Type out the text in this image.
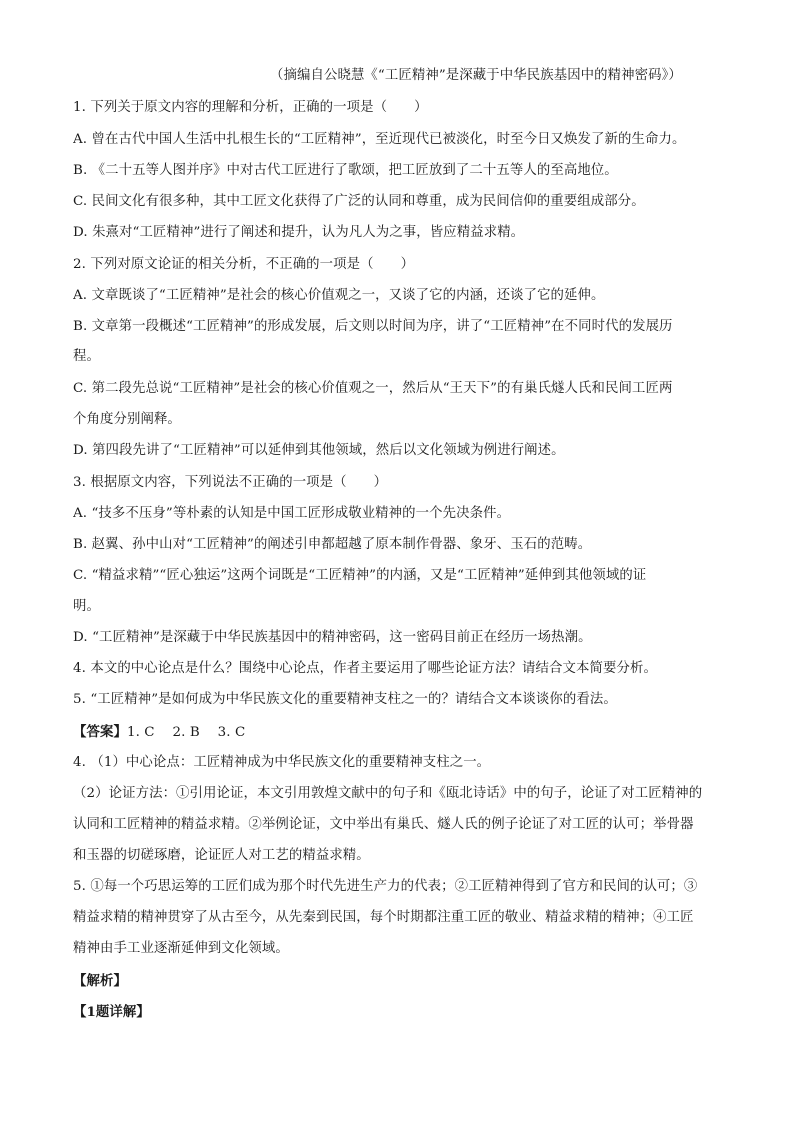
（摘编自公晓慧《“工匠精神”是深藏于中华民族基因中的精神密码》）
1. 下列关于原文内容的理解和分析，正确的一项是（　　）
A. 曾在古代中国人生活中扎根生长的“工匠精神”，至近现代已被淡化，时至今日又焕发了新的生命力。
B. 《二十五等人图并序》中对古代工匠进行了歌颂，把工匠放到了二十五等人的至高地位。
C. 民间文化有很多种，其中工匠文化获得了广泛的认同和尊重，成为民间信仰的重要组成部分。
D. 朱熹对“工匠精神”进行了阐述和提升，认为凡人为之事，皆应精益求精。
2. 下列对原文论证的相关分析，不正确的一项是（　　）
A. 文章既谈了“工匠精神”是社会的核心价值观之一，又谈了它的内涵，还谈了它的延伸。
B. 文章第一段概述“工匠精神”的形成发展，后文则以时间为序，讲了“工匠精神”在不同时代的发展历
程。
C. 第二段先总说“工匠精神”是社会的核心价值观之一，然后从“王天下”的有巢氏燧人氏和民间工匠两
个角度分别阐释。
D. 第四段先讲了“工匠精神”可以延伸到其他领域，然后以文化领域为例进行阐述。
3. 根据原文内容，下列说法不正确的一项是（　　）
A. “技多不压身”等朴素的认知是中国工匠形成敬业精神的一个先决条件。
B. 赵翼、孙中山对“工匠精神”的阐述引申都超越了原本制作骨器、象牙、玉石的范畴。
C. “精益求精”“匠心独运”这两个词既是“工匠精神”的内涵，又是“工匠精神”延伸到其他领域的证
明。
D. “工匠精神”是深藏于中华民族基因中的精神密码，这一密码目前正在经历一场热潮。
4. 本文的中心论点是什么？围绕中心论点，作者主要运用了哪些论证方法？请结合文本简要分析。
5. “工匠精神”是如何成为中华民族文化的重要精神支柱之一的？请结合文本谈谈你的看法。
【答案】1. C　 2. B　 3. C
4. （1）中心论点：工匠精神成为中华民族文化的重要精神支柱之一。
（2）论证方法：①引用论证，本文引用敦煌文献中的句子和《瓯北诗话》中的句子，论证了对工匠精神的
认同和工匠精神的精益求精。②举例论证，文中举出有巢氏、燧人氏的例子论证了对工匠的认可；举骨器
和玉器的切磋琢磨，论证匠人对工艺的精益求精。
5. ①每一个巧思运筹的工匠们成为那个时代先进生产力的代表；②工匠精神得到了官方和民间的认可；③
精益求精的精神贯穿了从古至今，从先秦到民国，每个时期都注重工匠的敬业、精益求精的精神；④工匠
精神由手工业逐渐延伸到文化领域。
【解析】
【1题详解】
